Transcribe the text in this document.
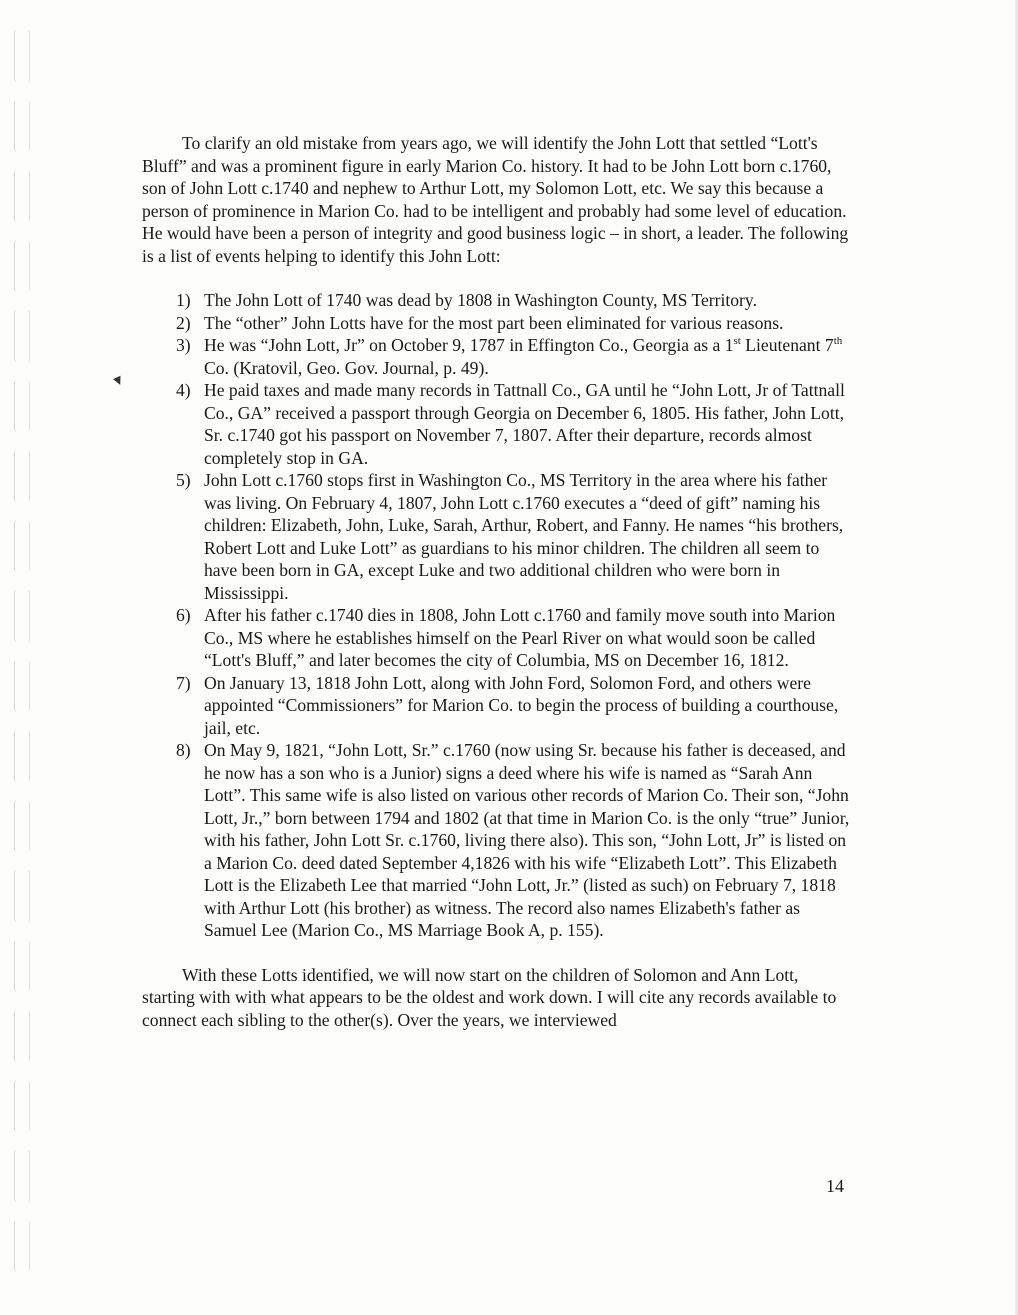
▼

To clarify an old mistake from years ago, we will identify the John Lott that settled “Lott's Bluff” and was a prominent figure in early Marion Co. history. It had to be John Lott born c.1760, son of John Lott c.1740 and nephew to Arthur Lott, my Solomon Lott, etc. We say this because a person of prominence in Marion Co. had to be intelligent and probably had some level of education. He would have been a person of integrity and good business logic – in short, a leader. The following is a list of events helping to identify this John Lott:

1) The John Lott of 1740 was dead by 1808 in Washington County, MS Territory.
2) The “other” John Lotts have for the most part been eliminated for various reasons.
3) He was “John Lott, Jr” on October 9, 1787 in Effington Co., Georgia as a 1st Lieutenant 7th Co. (Kratovil, Geo. Gov. Journal, p. 49).
4) He paid taxes and made many records in Tattnall Co., GA until he “John Lott, Jr of Tattnall Co., GA” received a passport through Georgia on December 6, 1805. His father, John Lott, Sr. c.1740 got his passport on November 7, 1807. After their departure, records almost completely stop in GA.
5) John Lott c.1760 stops first in Washington Co., MS Territory in the area where his father was living. On February 4, 1807, John Lott c.1760 executes a “deed of gift” naming his children: Elizabeth, John, Luke, Sarah, Arthur, Robert, and Fanny. He names “his brothers, Robert Lott and Luke Lott” as guardians to his minor children. The children all seem to have been born in GA, except Luke and two additional children who were born in Mississippi.
6) After his father c.1740 dies in 1808, John Lott c.1760 and family move south into Marion Co., MS where he establishes himself on the Pearl River on what would soon be called “Lott's Bluff,” and later becomes the city of Columbia, MS on December 16, 1812.
7) On January 13, 1818 John Lott, along with John Ford, Solomon Ford, and others were appointed “Commissioners” for Marion Co. to begin the process of building a courthouse, jail, etc.
8) On May 9, 1821, “John Lott, Sr.” c.1760 (now using Sr. because his father is deceased, and he now has a son who is a Junior) signs a deed where his wife is named as “Sarah Ann Lott”. This same wife is also listed on various other records of Marion Co. Their son, “John Lott, Jr.,” born between 1794 and 1802 (at that time in Marion Co. is the only “true” Junior, with his father, John Lott Sr. c.1760, living there also). This son, “John Lott, Jr” is listed on a Marion Co. deed dated September 4,1826 with his wife “Elizabeth Lott”. This Elizabeth Lott is the Elizabeth Lee that married “John Lott, Jr.” (listed as such) on February 7, 1818 with Arthur Lott (his brother) as witness. The record also names Elizabeth's father as Samuel Lee (Marion Co., MS Marriage Book A, p. 155).

With these Lotts identified, we will now start on the children of Solomon and Ann Lott, starting with with what appears to be the oldest and work down. I will cite any records available to connect each sibling to the other(s). Over the years, we interviewed

14
